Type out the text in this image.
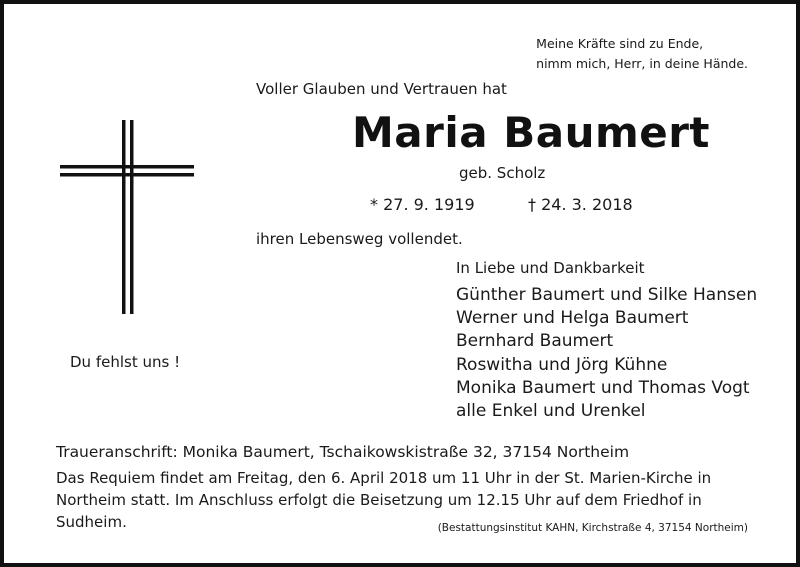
Meine Kräfte sind zu Ende,
nimm mich, Herr, in deine Hände.
Voller Glauben und Vertrauen hat
Maria Baumert
geb. Scholz
* 27. 9. 1919	† 24. 3. 2018
ihren Lebensweg vollendet.
In Liebe und Dankbarkeit
Günther Baumert und Silke Hansen
Werner und Helga Baumert
Bernhard Baumert
Roswitha und Jörg Kühne
Monika Baumert und Thomas Vogt
alle Enkel und Urenkel
Du fehlst uns !
Traueranschrift: Monika Baumert, Tschaikowskistraße 32, 37154 Northeim
Das Requiem findet am Freitag, den 6. April 2018 um 11 Uhr in der St. Marien-Kirche in Northeim statt. Im Anschluss erfolgt die Beisetzung um 12.15 Uhr auf dem Friedhof in Sudheim.	(Bestattungsinstitut KAHN, Kirchstraße 4, 37154 Northeim)
